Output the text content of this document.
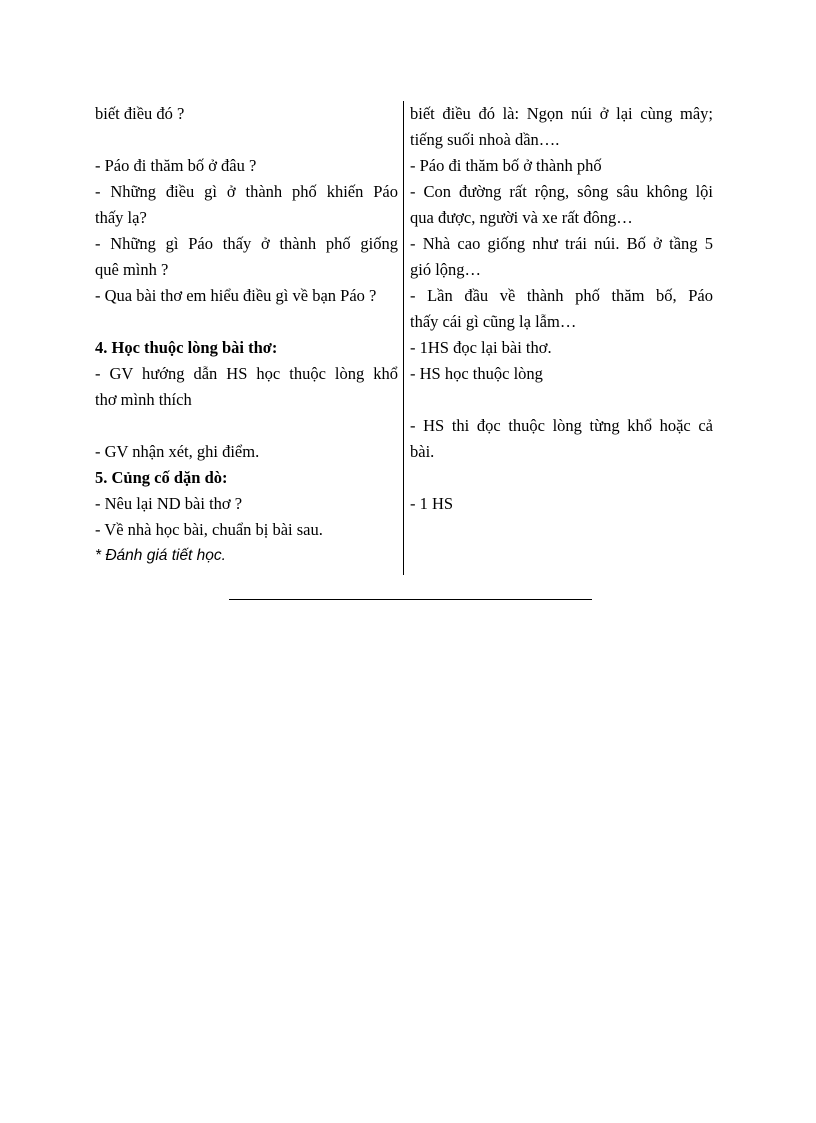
biết điều đó ?
- Páo đi thăm bố ở đâu ?
- Những điều gì ở thành phố khiến Páo
thấy lạ?
- Những gì Páo thấy ở thành phố giống
quê mình ?
- Qua bài thơ em hiểu điều gì về bạn Páo ?
4. Học thuộc lòng bài thơ:
- GV hướng dẫn HS học thuộc lòng khổ
thơ mình thích
- GV nhận xét, ghi điểm.
5. Củng cố dặn dò:
- Nêu lại ND bài thơ ?
- Về nhà học bài, chuẩn bị bài sau.
* Đánh giá tiết học.
biết điều đó là: Ngọn núi ở lại cùng mây;
tiếng suối nhoà dần….
- Páo đi thăm bố ở thành phố
- Con đường rất rộng, sông sâu không lội
qua được, người và xe rất đông…
- Nhà cao giống như trái núi. Bố ở tầng 5
gió lộng…
- Lần đầu về thành phố thăm bố, Páo
thấy cái gì cũng lạ lẫm…
- 1HS đọc lại bài thơ.
- HS học thuộc lòng
- HS thi đọc thuộc lòng từng khổ hoặc cả
bài.
- 1 HS
